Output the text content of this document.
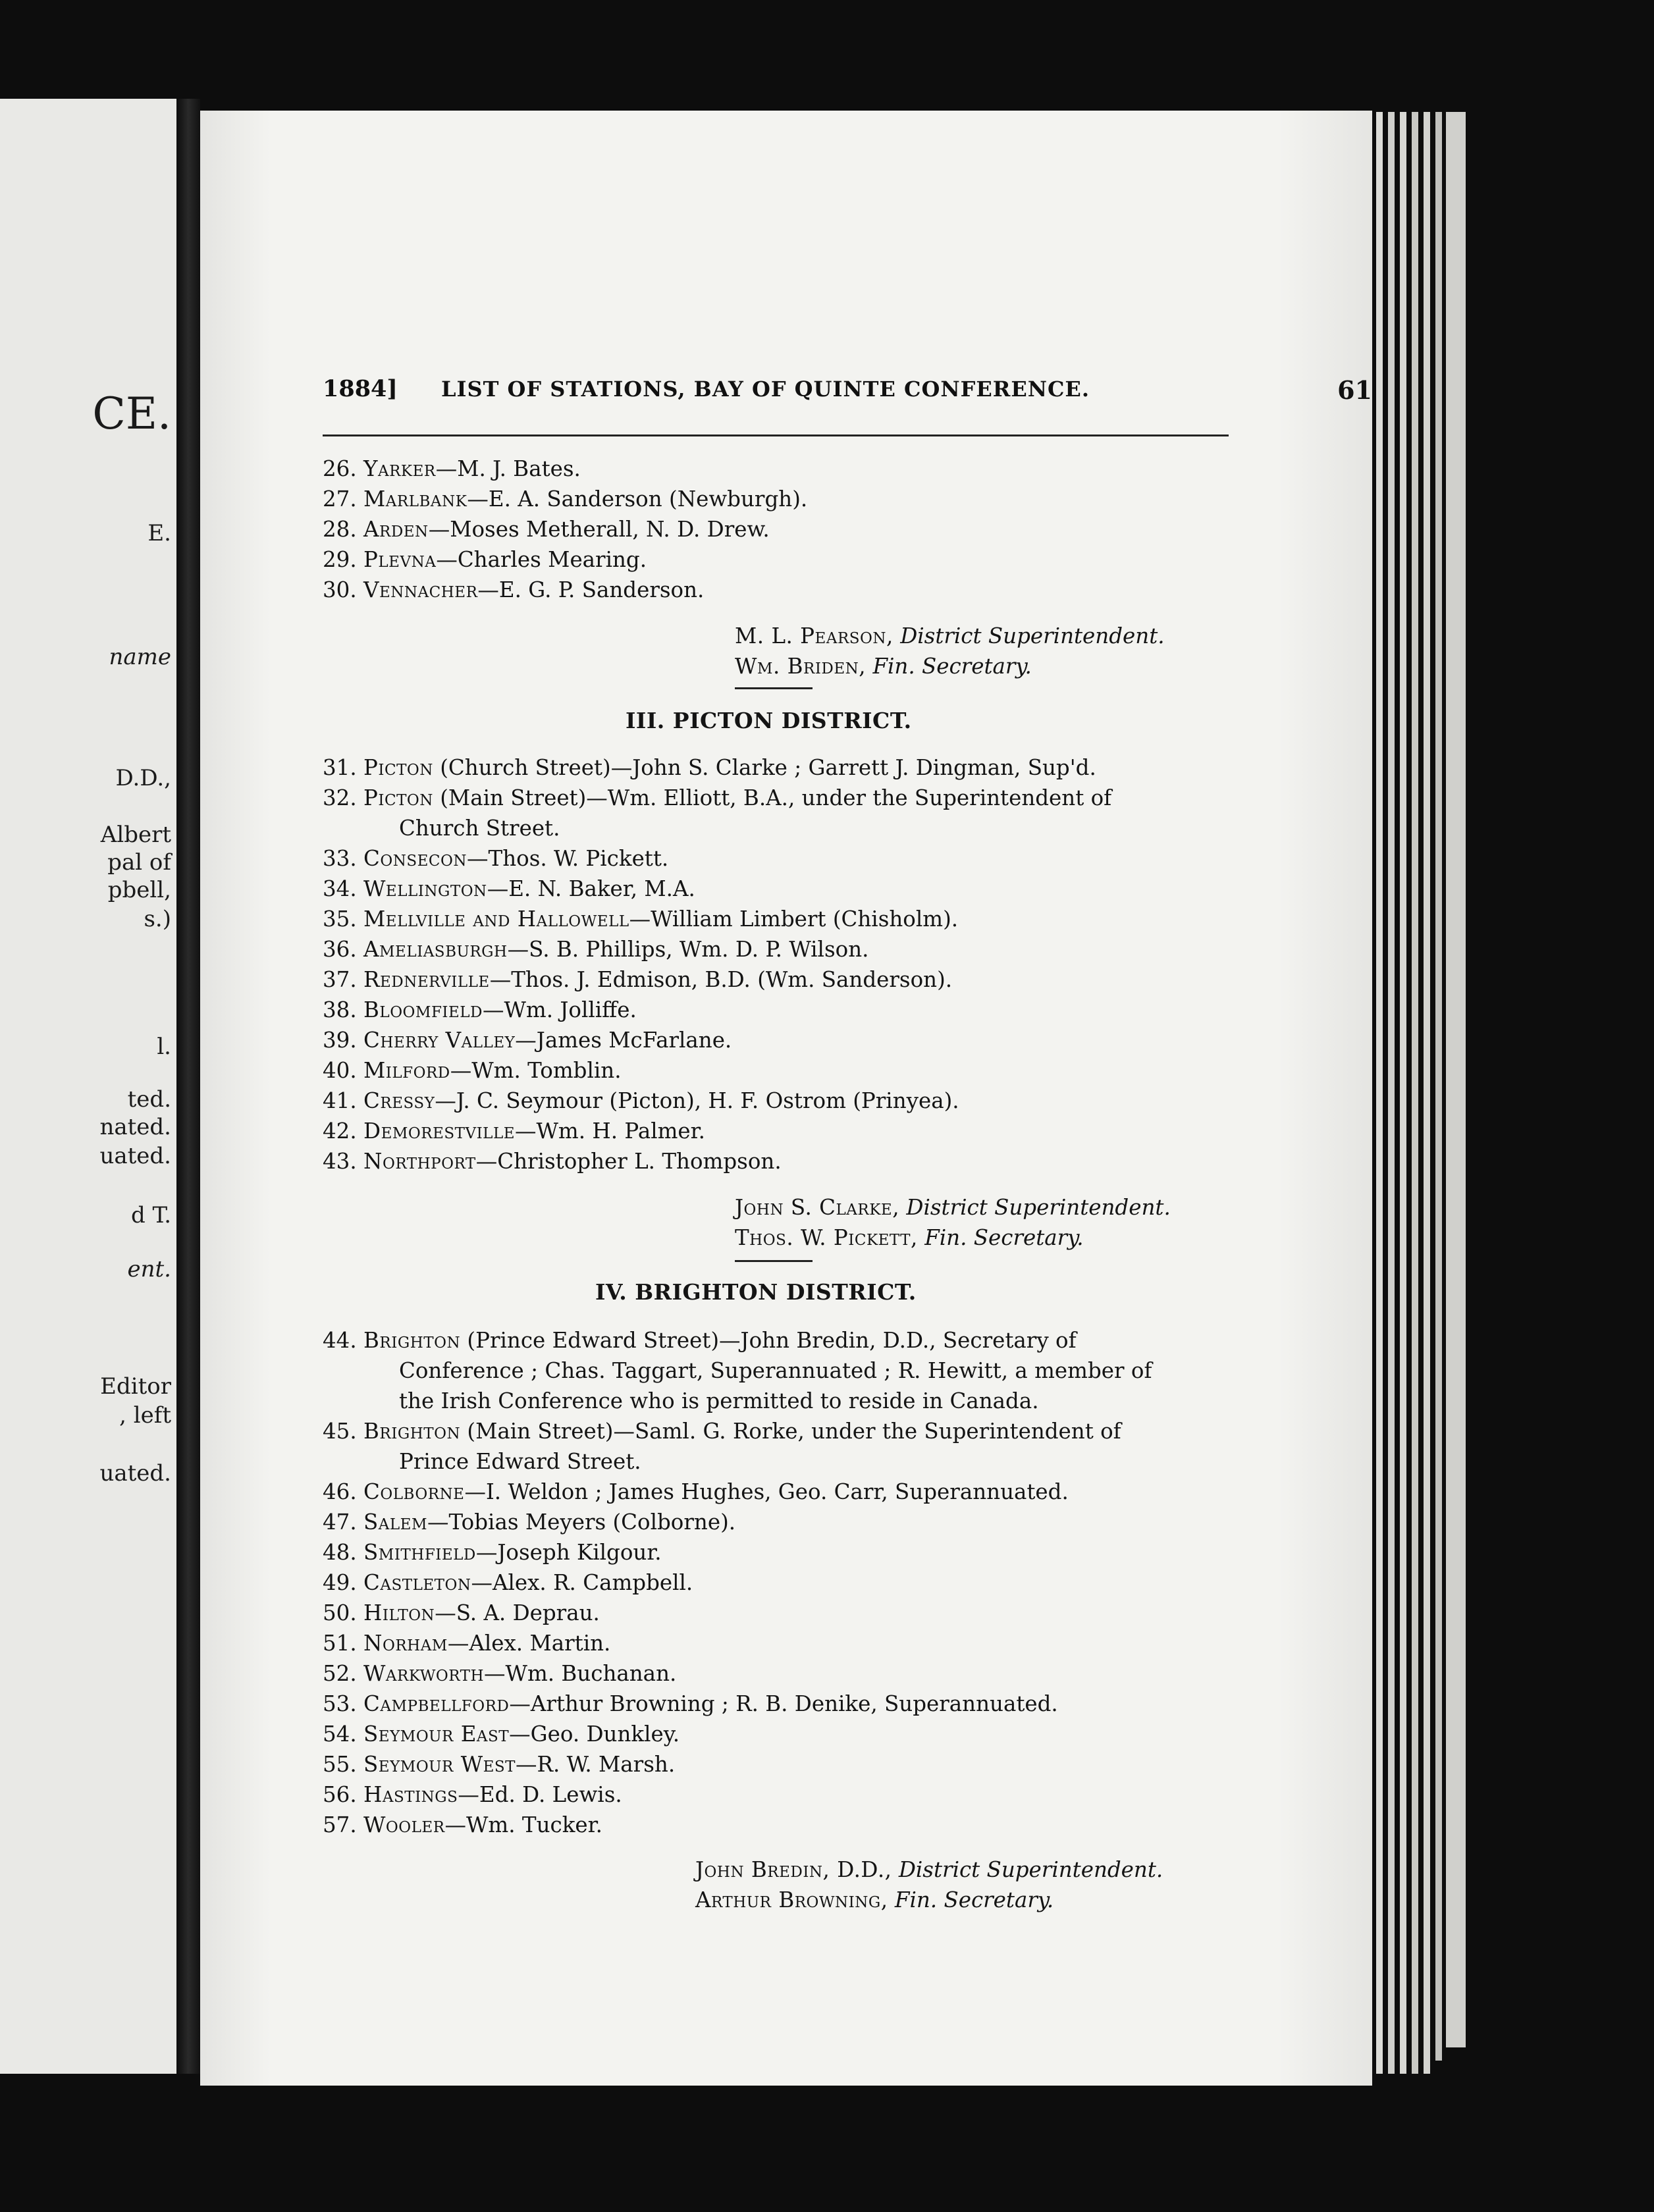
E.
CE.
name
D.D.,
Albert
pal of
pbell,
s.)
l.
ted.
nated.
uated.
d T.
ent.
Editor
, left
uated.
1884] LIST OF STATIONS, BAY OF QUINTE CONFERENCE.	61
26. Yarker—M. J. Bates.
27. Marlbank—E. A. Sanderson (Newburgh).
28. Arden—Moses Metherall, N. D. Drew.
29. Plevna—Charles Mearing.
30. Vennacher—E. G. P. Sanderson.
M. L. Pearson, District Superintendent.
Wm. Briden, Fin. Secretary.
III. PICTON DISTRICT.
31. Picton (Church Street)—John S. Clarke ; Garrett J. Dingman, Sup'd.
32. Picton (Main Street)—Wm. Elliott, B.A., under the Superintendent of
Church Street.
33. Consecon—Thos. W. Pickett.
34. Wellington—E. N. Baker, M.A.
35. Mellville and Hallowell—William Limbert (Chisholm).
36. Ameliasburgh—S. B. Phillips, Wm. D. P. Wilson.
37. Rednerville—Thos. J. Edmison, B.D. (Wm. Sanderson).
38. Bloomfield—Wm. Jolliffe.
39. Cherry Valley—James McFarlane.
40. Milford—Wm. Tomblin.
41. Cressy—J. C. Seymour (Picton), H. F. Ostrom (Prinyea).
42. Demorestville—Wm. H. Palmer.
43. Northport—Christopher L. Thompson.
John S. Clarke, District Superintendent.
Thos. W. Pickett, Fin. Secretary.
IV. BRIGHTON DISTRICT.
44. Brighton (Prince Edward Street)—John Bredin, D.D., Secretary of
Conference ; Chas. Taggart, Superannuated ; R. Hewitt, a member of
the Irish Conference who is permitted to reside in Canada.
45. Brighton (Main Street)—Saml. G. Rorke, under the Superintendent of
Prince Edward Street.
46. Colborne—I. Weldon ; James Hughes, Geo. Carr, Superannuated.
47. Salem—Tobias Meyers (Colborne).
48. Smithfield—Joseph Kilgour.
49. Castleton—Alex. R. Campbell.
50. Hilton—S. A. Deprau.
51. Norham—Alex. Martin.
52. Warkworth—Wm. Buchanan.
53. Campbellford—Arthur Browning ; R. B. Denike, Superannuated.
54. Seymour East—Geo. Dunkley.
55. Seymour West—R. W. Marsh.
56. Hastings—Ed. D. Lewis.
57. Wooler—Wm. Tucker.
John Bredin, D.D., District Superintendent.
Arthur Browning, Fin. Secretary.
